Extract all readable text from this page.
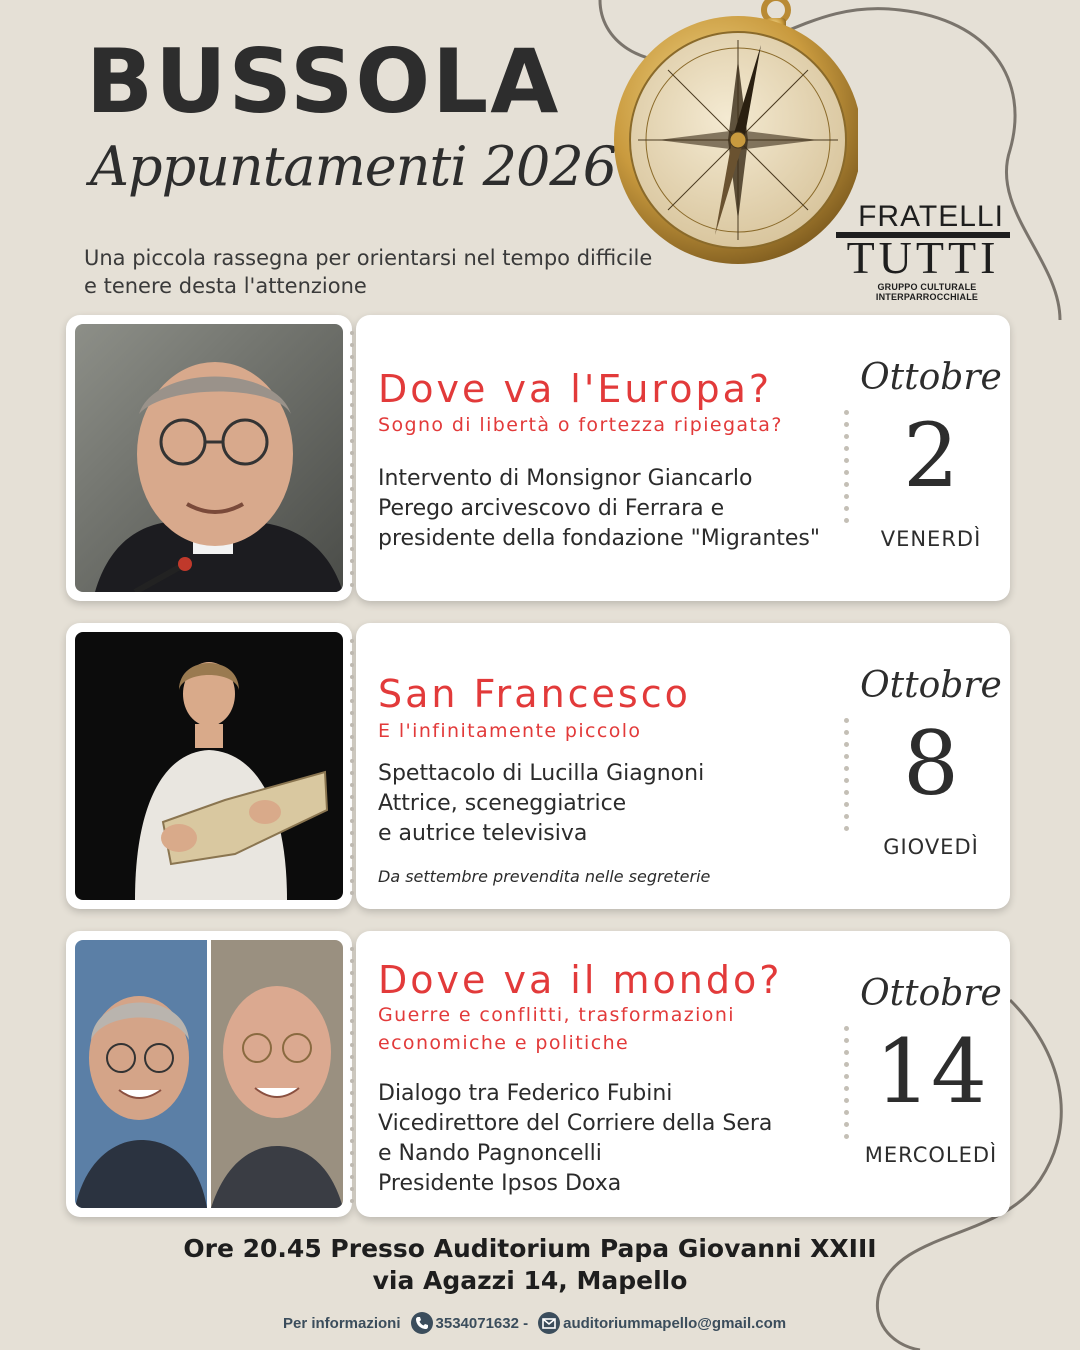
BUSSOLA
Appuntamenti 2026
Una piccola rassegna per orientarsi nel tempo difficile
e tenere desta l'attenzione
FRATELLI
TUTTI
GRUPPO CULTURALE INTERPARROCCHIALE
Dove va l'Europa?
Sogno di libertà o fortezza ripiegata?
Intervento di Monsignor Giancarlo
Perego arcivescovo di Ferrara e
presidente della fondazione "Migrantes"
Ottobre
2
VENERDÌ
San Francesco
E l'infinitamente piccolo
Spettacolo di Lucilla Giagnoni
Attrice, sceneggiatrice
e autrice televisiva
Da settembre prevendita nelle segreterie
Ottobre
8
GIOVEDÌ
Dove va il mondo?
Guerre e conflitti, trasformazioni
economiche e politiche
Dialogo tra Federico Fubini
Vicedirettore del Corriere della Sera
e Nando Pagnoncelli
Presidente Ipsos Doxa
Ottobre
14
MERCOLEDÌ
Ore 20.45 Presso Auditorium Papa Giovanni XXIII
via Agazzi 14, Mapello
Per informazioni 3534071632 - auditoriummapello@gmail.com
